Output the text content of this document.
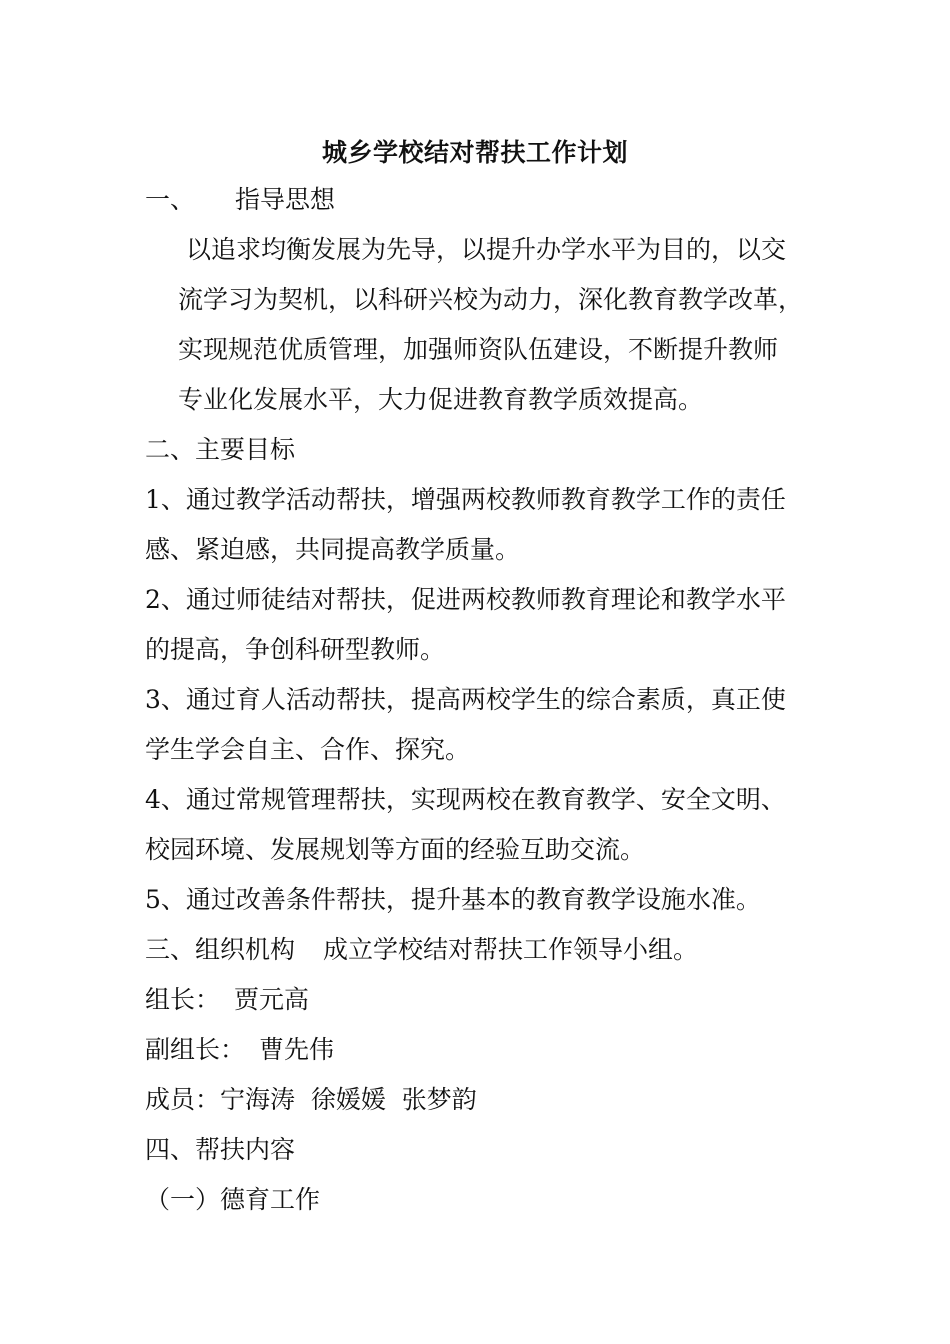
城乡学校结对帮扶工作计划
一、 指导思想
以追求均衡发展为先导，以提升办学水平为目的，以交
流学习为契机，以科研兴校为动力，深化教育教学改革，
实现规范优质管理，加强师资队伍建设，不断提升教师
专业化发展水平，大力促进教育教学质效提高。
二、主要目标
1、通过教学活动帮扶，增强两校教师教育教学工作的责任
感、紧迫感，共同提高教学质量。
2、通过师徒结对帮扶，促进两校教师教育理论和教学水平
的提高，争创科研型教师。
3、通过育人活动帮扶，提高两校学生的综合素质，真正使
学生学会自主、合作、探究。
4、通过常规管理帮扶，实现两校在教育教学、安全文明、
校园环境、发展规划等方面的经验互助交流。
5、通过改善条件帮扶，提升基本的教育教学设施水准。
三、组织机构 成立学校结对帮扶工作领导小组。
组长： 贾元高
副组长： 曹先伟
成员：宁海涛  徐媛媛  张梦韵
四、帮扶内容
（一）德育工作
